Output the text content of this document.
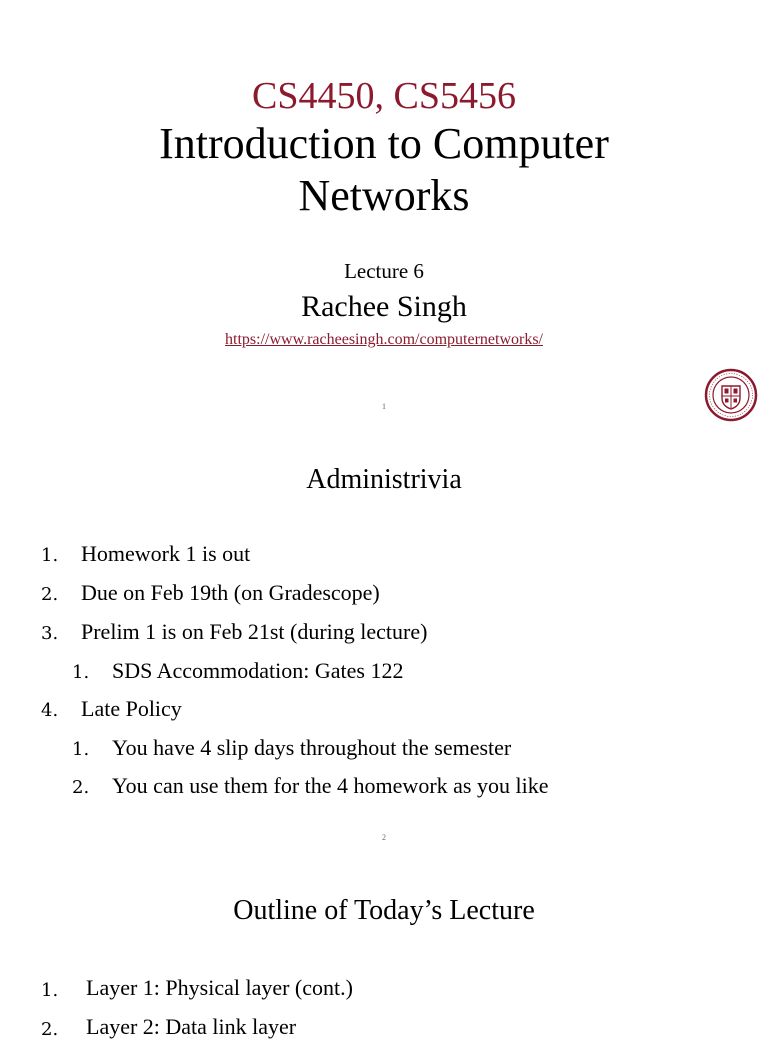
CS4450, CS5456
Introduction to Computer
Networks
Lecture 6
Rachee Singh
https://www.racheesingh.com/computernetworks/
1
Administrivia
1. Homework 1 is out
2. Due on Feb 19th (on Gradescope)
3. Prelim 1 is on Feb 21st (during lecture)
1. SDS Accommodation: Gates 122
4. Late Policy
1. You have 4 slip days throughout the semester
2. You can use them for the 4 homework as you like
2
Outline of Today’s Lecture
1. Layer 1: Physical layer (cont.)
2. Layer 2: Data link layer
